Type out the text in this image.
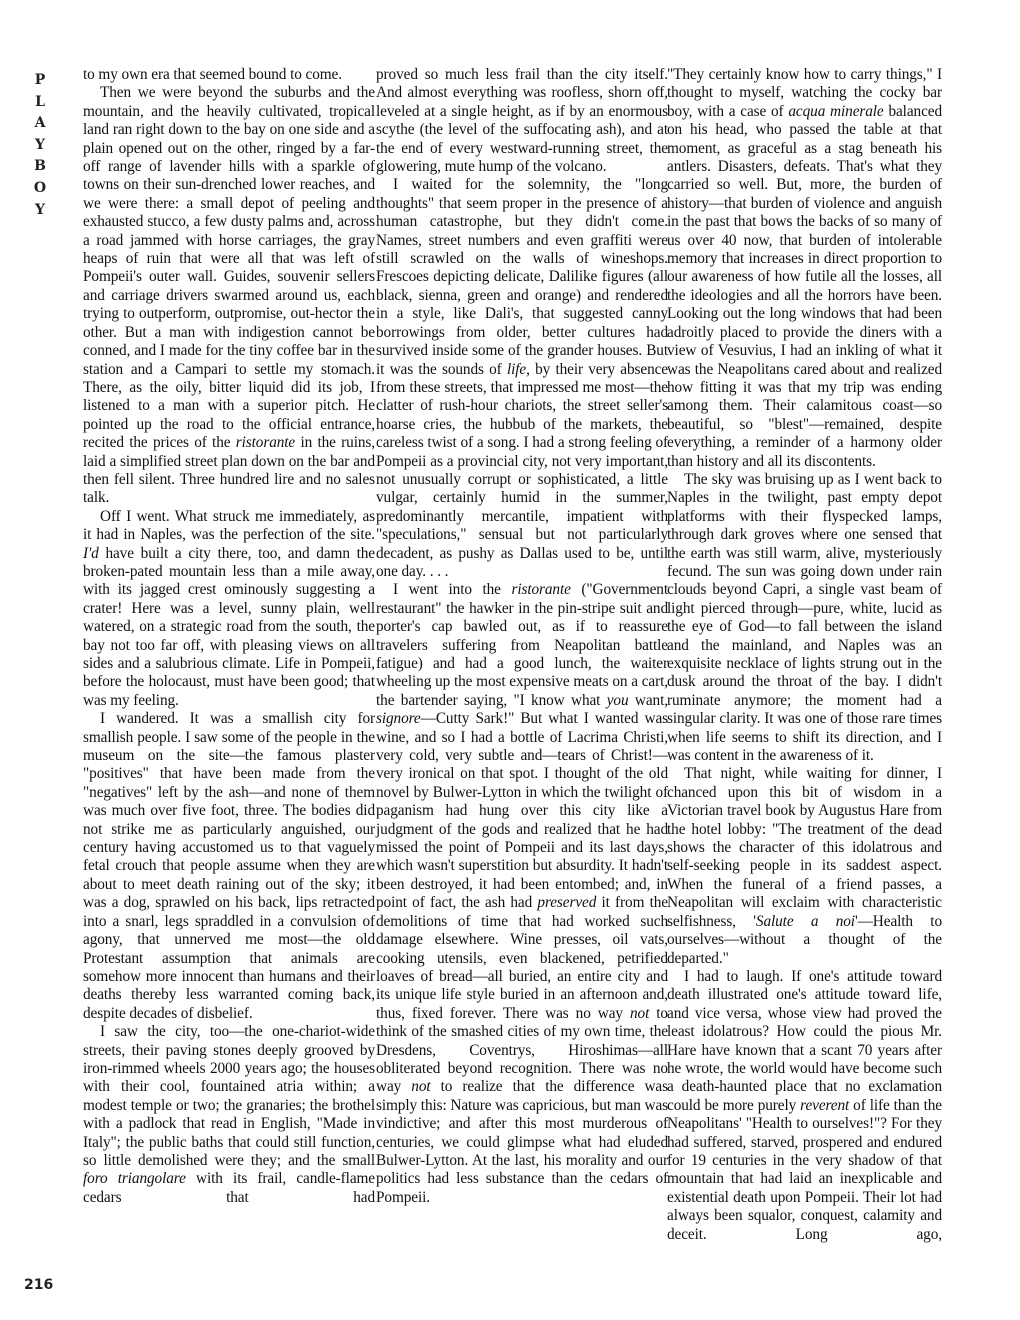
P
L
A
Y
B
O
Y
216

to my own era that seemed bound to come.

Then we were beyond the suburbs and the mountain, and the heavily cultivated, tropical land ran right down to the bay on one side and a plain opened out on the other, ringed by a far-off range of lavender hills with a sparkle of towns on their sun-drenched lower reaches, and we were there: a small depot of peeling and exhausted stucco, a few dusty palms and, across a road jammed with horse carriages, the gray heaps of ruin that were all that was left of Pompeii's outer wall. Guides, souvenir sellers and carriage drivers swarmed around us, each trying to outperform, outpromise, out-hector the other. But a man with indigestion cannot be conned, and I made for the tiny coffee bar in the station and a Campari to settle my stomach. There, as the oily, bitter liquid did its job, I listened to a man with a superior pitch. He pointed up the road to the official entrance, recited the prices of the ristorante in the ruins, laid a simplified street plan down on the bar and then fell silent. Three hundred lire and no sales talk.

Off I went. What struck me immediately, as it had in Naples, was the perfection of the site. I'd have built a city there, too, and damn the broken-pated mountain less than a mile away, with its jagged crest ominously suggesting a crater! Here was a level, sunny plain, well watered, on a strategic road from the south, the bay not too far off, with pleasing views on all sides and a salubrious climate. Life in Pompeii, before the holocaust, must have been good; that was my feeling.

I wandered. It was a smallish city for smallish people. I saw some of the people in the museum on the site—the famous plaster "positives" that have been made from the "negatives" left by the ash—and none of them was much over five foot, three. The bodies did not strike me as particularly anguished, our century having accustomed us to that vaguely fetal crouch that people assume when they are about to meet death raining out of the sky; it was a dog, sprawled on his back, lips retracted into a snarl, legs spraddled in a convulsion of agony, that unnerved me most—the old Protestant assumption that animals are somehow more innocent than humans and their deaths thereby less warranted coming back, despite decades of disbelief.

I saw the city, too—the one-chariot-wide streets, their paving stones deeply grooved by iron-rimmed wheels 2000 years ago; the houses with their cool, fountained atria within; a modest temple or two; the granaries; the brothel with a padlock that read in English, "Made in Italy"; the public baths that could still function, so little demolished were they; and the small foro triangolare with its frail, candle-flame cedars that had

proved so much less frail than the city itself. And almost everything was roofless, shorn off, leveled at a single height, as if by an enormous scythe (the level of the suffocating ash), and at the end of every westward-running street, the glowering, mute hump of the volcano.

I waited for the solemnity, the "long thoughts" that seem proper in the presence of a human catastrophe, but they didn't come. Names, street numbers and even graffiti were still scrawled on the walls of wineshops. Frescoes depicting delicate, Dalilike figures (all black, sienna, green and orange) and rendered in a style, like Dali's, that suggested canny borrowings from older, better cultures had survived inside some of the grander houses. But it was the sounds of life, by their very absence from these streets, that impressed me most—the clatter of rush-hour chariots, the street seller's hoarse cries, the hubbub of the markets, the careless twist of a song. I had a strong feeling of Pompeii as a provincial city, not very important, not unusually corrupt or sophisticated, a little vulgar, certainly humid in the summer, predominantly mercantile, impatient with "speculations," sensual but not particularly decadent, as pushy as Dallas used to be, until one day. . . .

I went into the ristorante ("Government restaurant" the hawker in the pin-stripe suit and porter's cap bawled out, as if to reassure travelers suffering from Neapolitan battle fatigue) and had a good lunch, the waiter wheeling up the most expensive meats on a cart, the bartender saying, "I know what you want, signore—Cutty Sark!" But what I wanted was wine, and so I had a bottle of Lacrima Christi, very cold, very subtle and—tears of Christ!—very ironical on that spot. I thought of the old novel by Bulwer-Lytton in which the twilight of paganism had hung over this city like a judgment of the gods and realized that he had missed the point of Pompeii and its last days, which wasn't superstition but absurdity. It hadn't been destroyed, it had been entombed; and, in point of fact, the ash had preserved it from the demolitions of time that had worked such damage elsewhere. Wine presses, oil vats, cooking utensils, even blackened, petrified loaves of bread—all buried, an entire city and its unique life style buried in an afternoon and, thus, fixed forever. There was no way not to think of the smashed cities of my own time, the Dresdens, Coventrys, Hiroshimas—all obliterated beyond recognition. There was no way not to realize that the difference was simply this: Nature was capricious, but man was vindictive; and after this most murderous of centuries, we could glimpse what had eluded Bulwer-Lytton. At the last, his morality and our politics had less substance than the cedars of Pompeii.

"They certainly know how to carry things," I thought to myself, watching the cocky bar boy, with a case of acqua minerale balanced on his head, who passed the table at that moment, as graceful as a stag beneath his antlers. Disasters, defeats. That's what they carried so well. But, more, the burden of history—that burden of violence and anguish in the past that bows the backs of so many of us over 40 now, that burden of intolerable memory that increases in direct proportion to our awareness of how futile all the losses, all the ideologies and all the horrors have been. Looking out the long windows that had been adroitly placed to provide the diners with a view of Vesuvius, I had an inkling of what it was the Neapolitans cared about and realized how fitting it was that my trip was ending among them. Their calamitous coast—so beautiful, so "blest"—remained, despite everything, a reminder of a harmony older than history and all its discontents.

The sky was bruising up as I went back to Naples in the twilight, past empty depot platforms with their flyspecked lamps, through dark groves where one sensed that the earth was still warm, alive, mysteriously fecund. The sun was going down under rain clouds beyond Capri, a single vast beam of light pierced through—pure, white, lucid as the eye of God—to fall between the island and the mainland, and Naples was an exquisite necklace of lights strung out in the dusk around the throat of the bay. I didn't ruminate anymore; the moment had a singular clarity. It was one of those rare times when life seems to shift its direction, and I was content in the awareness of it.

That night, while waiting for dinner, I chanced upon this bit of wisdom in a Victorian travel book by Augustus Hare from the hotel lobby: "The treatment of the dead shows the character of this idolatrous and self-seeking people in its saddest aspect. When the funeral of a friend passes, a Neapolitan will exclaim with characteristic selfishness, 'Salute a noi'—Health to ourselves—without a thought of the departed."

I had to laugh. If one's attitude toward death illustrated one's attitude toward life, and vice versa, whose view had proved the least idolatrous? How could the pious Mr. Hare have known that a scant 70 years after he wrote, the world would have become such a death-haunted place that no exclamation could be more purely reverent of life than the Neapolitans' "Health to ourselves!"? For they had suffered, starved, prospered and endured for 19 centuries in the very shadow of that mountain that had laid an inexplicable and existential death upon Pompeii. Their lot had always been squalor, conquest, calamity and deceit. Long ago,
